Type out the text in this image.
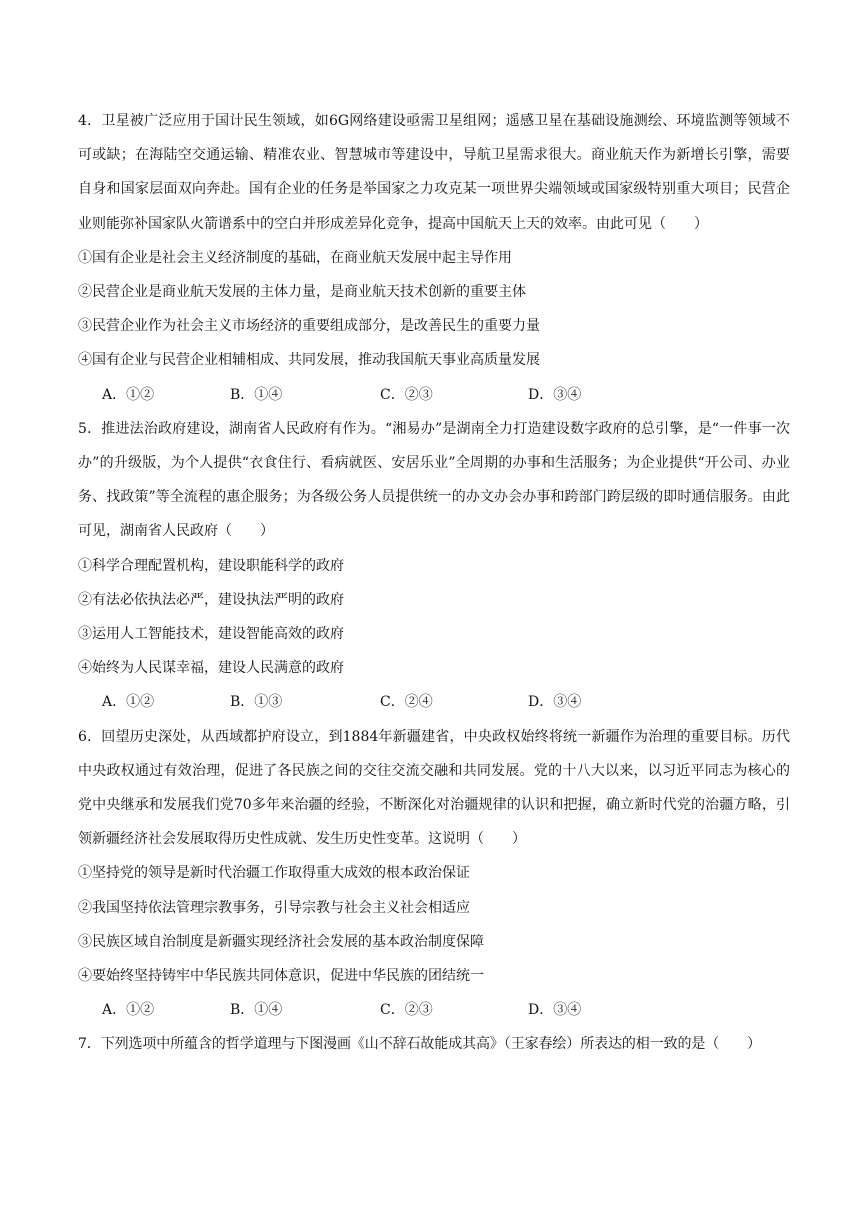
4．卫星被广泛应用于国计民生领域，如6G网络建设亟需卫星组网；遥感卫星在基础设施测绘、环境监测等领域不可或缺；在海陆空交通运输、精准农业、智慧城市等建设中，导航卫星需求很大。商业航天作为新增长引擎，需要自身和国家层面双向奔赴。国有企业的任务是举国家之力攻克某一项世界尖端领域或国家级特别重大项目；民营企业则能弥补国家队火箭谱系中的空白并形成差异化竞争，提高中国航天上天的效率。由此可见（　　）

①国有企业是社会主义经济制度的基础，在商业航天发展中起主导作用

②民营企业是商业航天发展的主体力量，是商业航天技术创新的重要主体

③民营企业作为社会主义市场经济的重要组成部分，是改善民生的重要力量

④国有企业与民营企业相辅相成、共同发展，推动我国航天事业高质量发展

A．①②	B．①④	C．②③	D．③④

5．推进法治政府建设，湖南省人民政府有作为。“湘易办”是湖南全力打造建设数字政府的总引擎，是“一件事一次办”的升级版，为个人提供“衣食住行、看病就医、安居乐业”全周期的办事和生活服务；为企业提供“开公司、办业务、找政策”等全流程的惠企服务；为各级公务人员提供统一的办文办会办事和跨部门跨层级的即时通信服务。由此可见，湖南省人民政府（　　）

①科学合理配置机构，建设职能科学的政府

②有法必依执法必严，建设执法严明的政府

③运用人工智能技术，建设智能高效的政府

④始终为人民谋幸福，建设人民满意的政府

A．①②	B．①③	C．②④	D．③④

6．回望历史深处，从西域都护府设立，到1884年新疆建省，中央政权始终将统一新疆作为治理的重要目标。历代中央政权通过有效治理，促进了各民族之间的交往交流交融和共同发展。党的十八大以来，以习近平同志为核心的党中央继承和发展我们党70多年来治疆的经验，不断深化对治疆规律的认识和把握，确立新时代党的治疆方略，引领新疆经济社会发展取得历史性成就、发生历史性变革。这说明（　　）

①坚持党的领导是新时代治疆工作取得重大成效的根本政治保证

②我国坚持依法管理宗教事务，引导宗教与社会主义社会相适应

③民族区域自治制度是新疆实现经济社会发展的基本政治制度保障

④要始终坚持铸牢中华民族共同体意识，促进中华民族的团结统一

A．①②	B．①④	C．②③	D．③④

7．下列选项中所蕴含的哲学道理与下图漫画《山不辞石故能成其高》（王家春绘）所表达的相一致的是（　　）
